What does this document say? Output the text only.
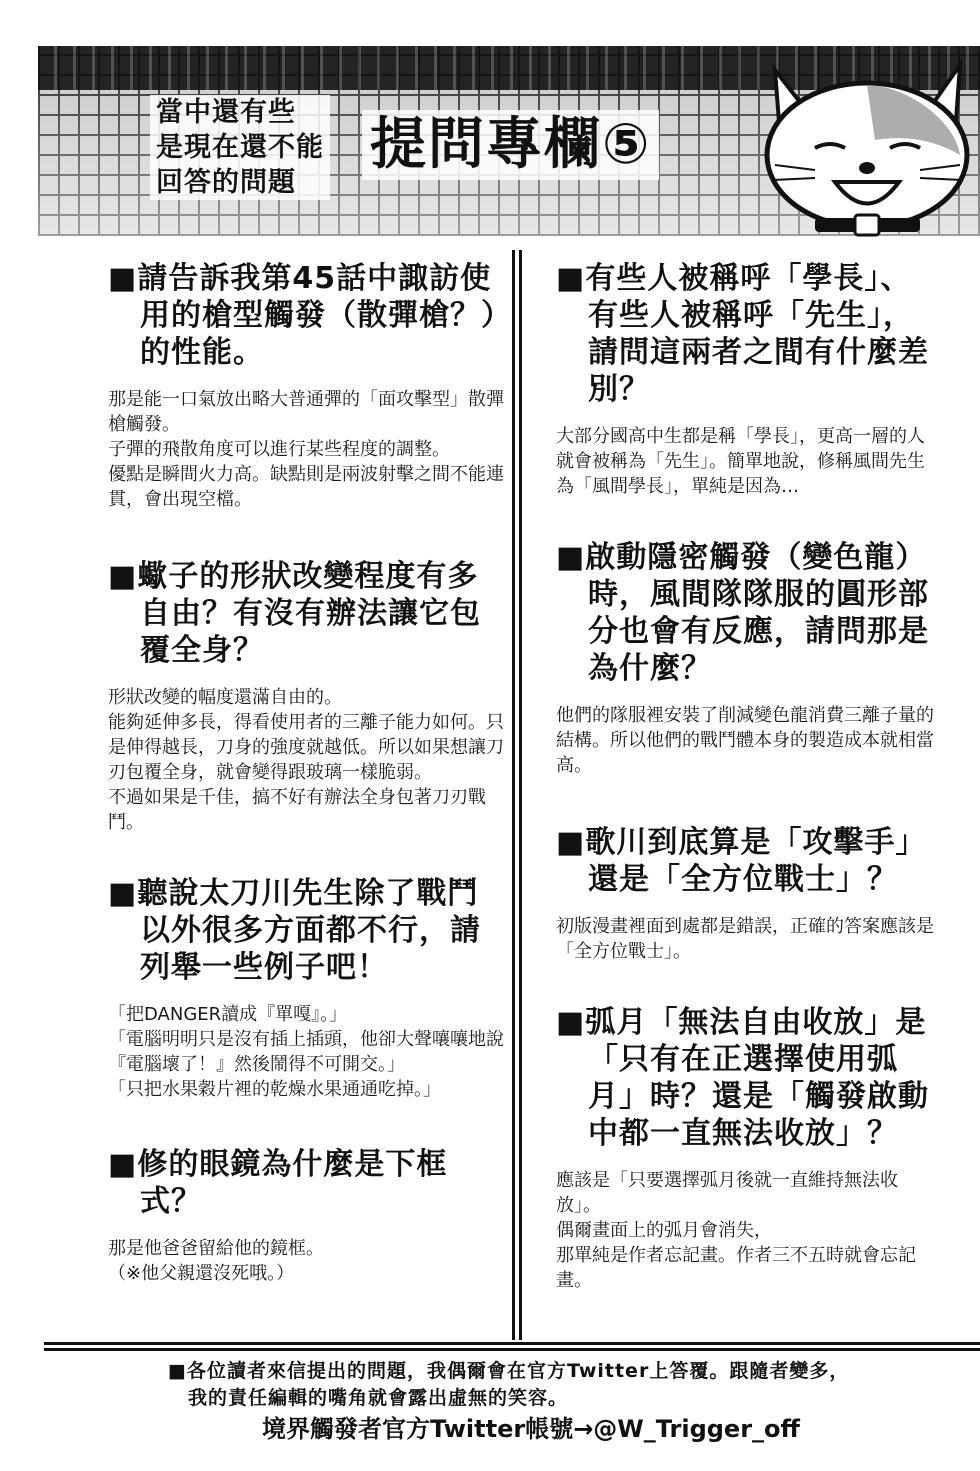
當中還有些
是現在還不能
回答的問題
提問專欄⑤

■請告訴我第45話中諏訪使用的槍型觸發（散彈槍？）的性能。

那是能一口氣放出略大普通彈的「面攻擊型」散彈槍觸發。
子彈的飛散角度可以進行某些程度的調整。
優點是瞬間火力高。缺點則是兩波射擊之間不能連貫，會出現空檔。

■蠍子的形狀改變程度有多自由？有沒有辦法讓它包覆全身？

形狀改變的幅度還滿自由的。
能夠延伸多長，得看使用者的三離子能力如何。只是伸得越長，刀身的強度就越低。所以如果想讓刀刃包覆全身，就會變得跟玻璃一樣脆弱。
不過如果是千佳，搞不好有辦法全身包著刀刃戰鬥。

■聽說太刀川先生除了戰鬥以外很多方面都不行，請列舉一些例子吧！

「把DANGER讀成『單嘎』。」
「電腦明明只是沒有插上插頭，他卻大聲嚷嚷地說『電腦壞了！』然後鬧得不可開交。」
「只把水果穀片裡的乾燥水果通通吃掉。」

■修的眼鏡為什麼是下框式？

那是他爸爸留給他的鏡框。
（※他父親還沒死哦。）

■有些人被稱呼「學長」、有些人被稱呼「先生」，請問這兩者之間有什麼差別？

大部分國高中生都是稱「學長」，更高一層的人就會被稱為「先生」。簡單地說，修稱風間先生為「風間學長」，單純是因為…

■啟動隱密觸發（變色龍）時，風間隊隊服的圓形部分也會有反應，請問那是為什麼？

他們的隊服裡安裝了削減變色龍消費三離子量的結構。所以他們的戰鬥體本身的製造成本就相當高。

■歌川到底算是「攻擊手」還是「全方位戰士」？

初版漫畫裡面到處都是錯誤，正確的答案應該是「全方位戰士」。

■弧月「無法自由收放」是「只有在正選擇使用弧月」時？還是「觸發啟動中都一直無法收放」？

應該是「只要選擇弧月後就一直維持無法收放」。
偶爾畫面上的弧月會消失，
那單純是作者忘記畫。作者三不五時就會忘記畫。

■各位讀者來信提出的問題，我偶爾會在官方Twitter上答覆。跟隨者變多，
我的責任編輯的嘴角就會露出虛無的笑容。
境界觸發者官方Twitter帳號→@W_Trigger_off
